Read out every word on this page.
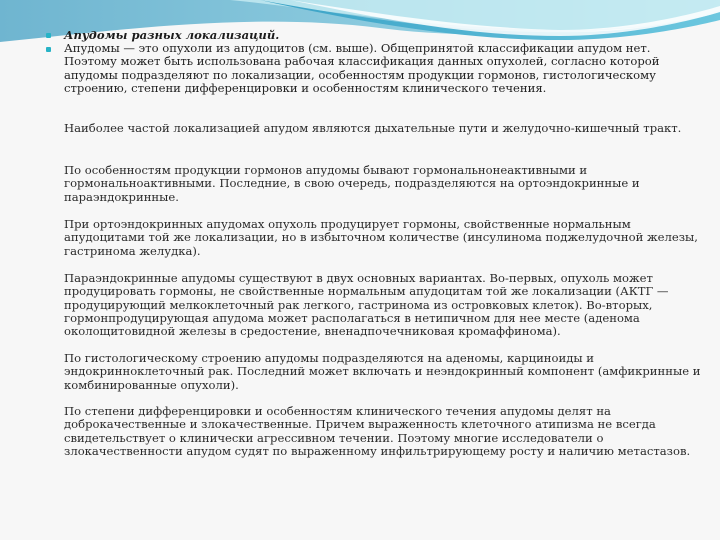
Апудомы разных локализаций.
Апудомы — это опухоли из апудоцитов (см. выше). Общепринятой классификации апудом нет. Поэтому может быть использована рабочая классификация данных опухолей, согласно которой апудомы подразделяют по локализации, особенностям продукции гормонов, гистологическому строению, степени дифференцировки и особенностям клинического течения.

Наиболее частой локализацией апудом являются дыхательные пути и желудочно-кишечный тракт.

По особенностям продукции гормонов апудомы бывают гормональнонеактивными и гормональноактивными. Последние, в свою очередь, подразделяются на ортоэндокринные и параэндокринные.

При ортоэндокринных апудомах опухоль продуцирует гормоны, свойственные нормальным апудоцитами той же локализации, но в избыточном количестве (инсулинома поджелудочной железы, гастринома желудка).

Параэндокринные апудомы существуют в двух основных вариантах. Во-первых, опухоль может продуцировать гормоны, не свойственные нормальным апудоцитам той же локализации (АКТГ — продуцирующий мелкоклеточный рак легкого, гастринома из островковых клеток). Во-вторых, гормонпродуцирующая апудома может располагаться в нетипичном для нее месте (аденома околощитовидной железы в средостение, вненадпочечниковая кромаффинома).

По гистологическому строению апудомы подразделяются на аденомы, карциноиды и эндокринноклеточный рак. Последний может включать и неэндокринный компонент (амфикринные и комбинированные опухоли).

По степени дифференцировки и особенностям клинического течения апудомы делят на доброкачественные и злокачественные. Причем выраженность клеточного атипизма не всегда свидетельствует о клинически агрессивном течении. Поэтому многие исследователи о злокачественности апудом судят по выраженному инфильтрирующему росту и наличию метастазов.
